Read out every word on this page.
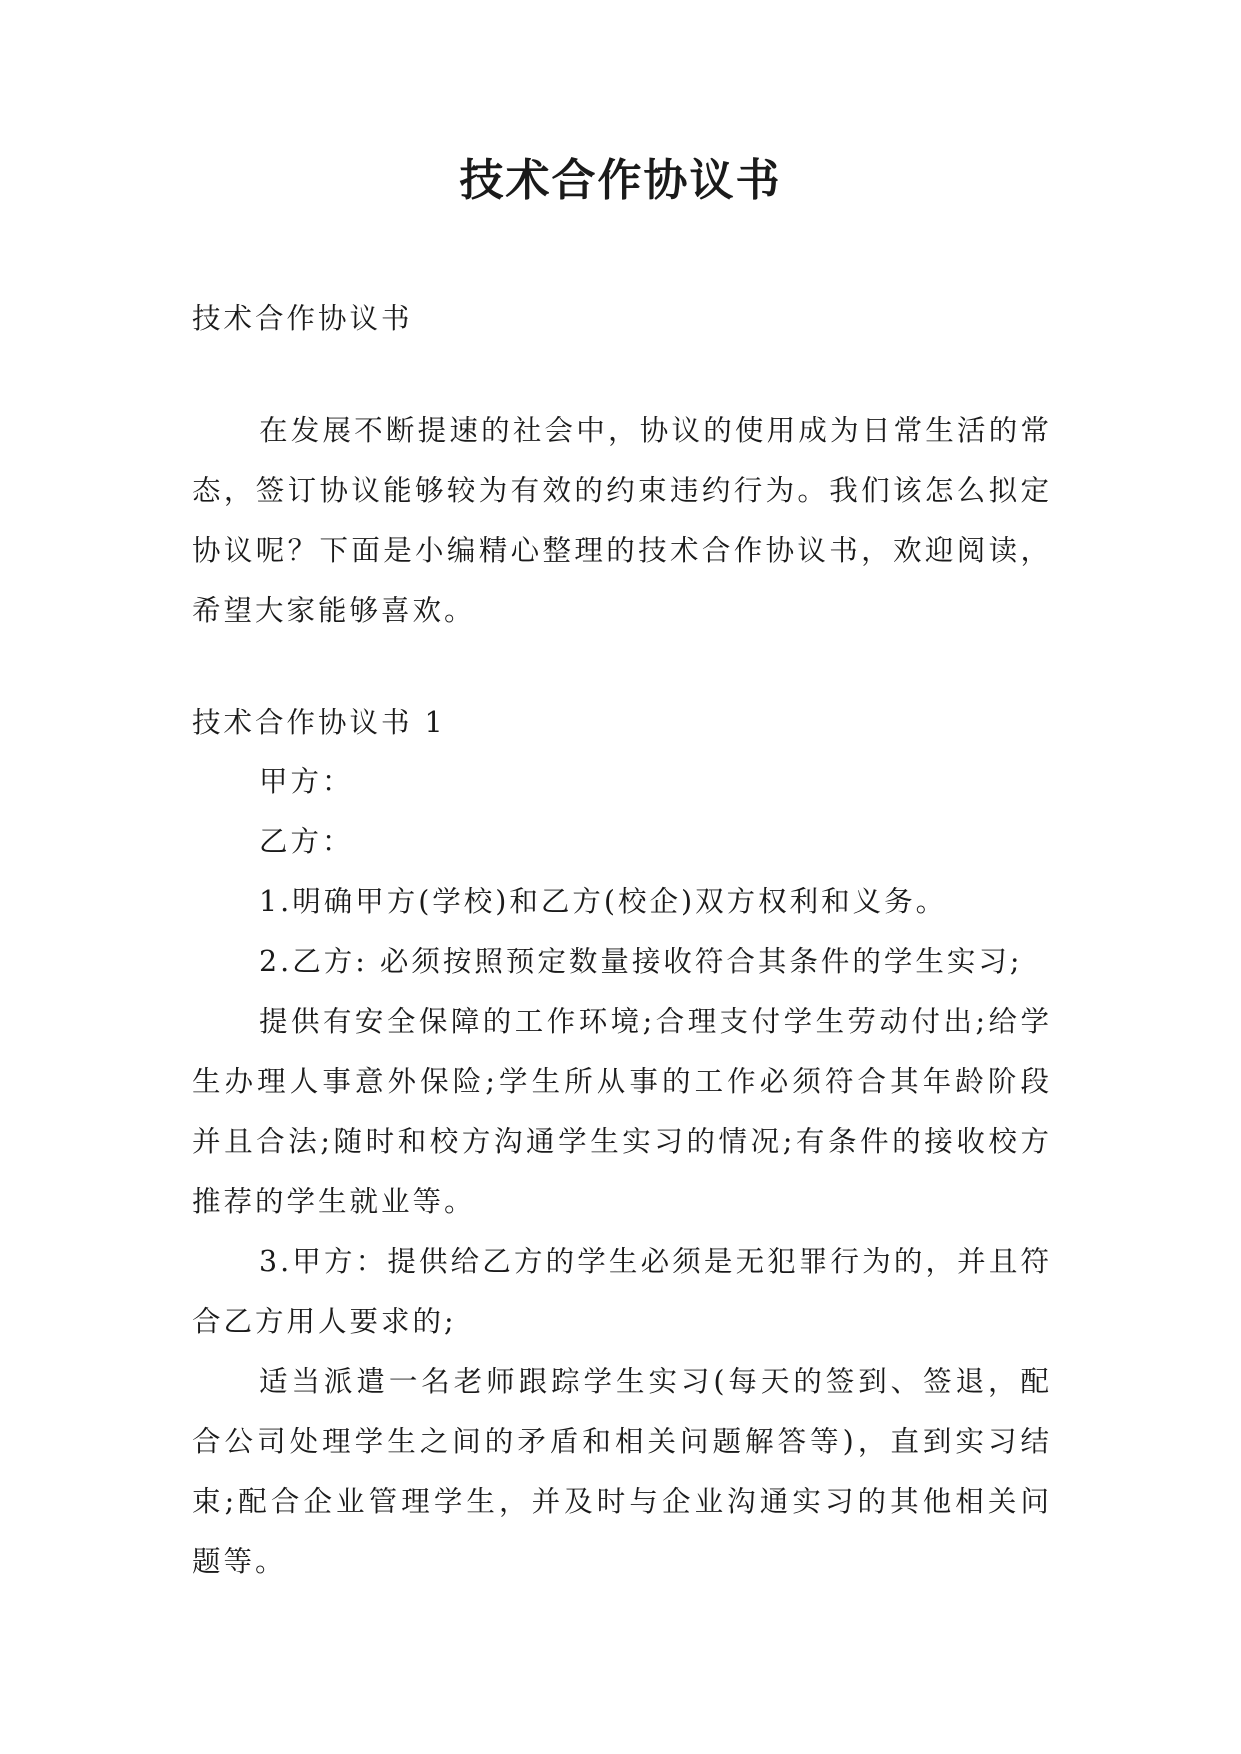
技术合作协议书

技术合作协议书

在发展不断提速的社会中，协议的使用成为日常生活的常态，签订协议能够较为有效的约束违约行为。我们该怎么拟定协议呢？下面是小编精心整理的技术合作协议书，欢迎阅读，希望大家能够喜欢。

技术合作协议书 1

甲方：

乙方：

1.明确甲方(学校)和乙方(校企)双方权利和义务。

2.乙方: 必须按照预定数量接收符合其条件的学生实习;

提供有安全保障的工作环境;合理支付学生劳动付出;给学生办理人事意外保险;学生所从事的工作必须符合其年龄阶段并且合法;随时和校方沟通学生实习的情况;有条件的接收校方推荐的学生就业等。

3.甲方：提供给乙方的学生必须是无犯罪行为的，并且符合乙方用人要求的;

适当派遣一名老师跟踪学生实习(每天的签到、签退，配合公司处理学生之间的矛盾和相关问题解答等)，直到实习结束;配合企业管理学生，并及时与企业沟通实习的其他相关问题等。
